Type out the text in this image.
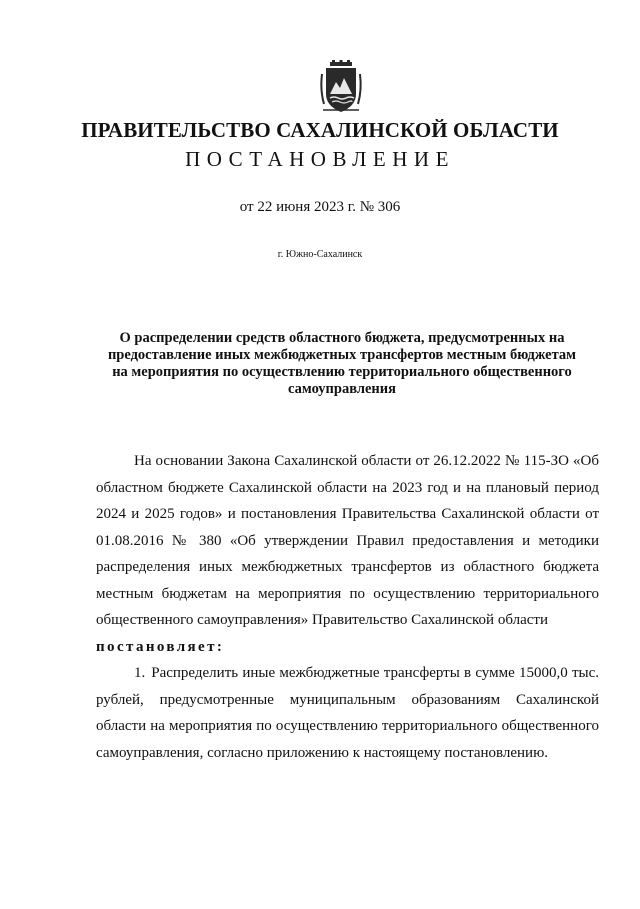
ПРАВИТЕЛЬСТВО САХАЛИНСКОЙ ОБЛАСТИ
ПОСТАНОВЛЕНИЕ
от 22 июня 2023 г. № 306
г. Южно-Сахалинск
О распределении средств областного бюджета, предусмотренных на
предоставление иных межбюджетных трансфертов местным бюджетам
на мероприятия по осуществлению территориального общественного
самоуправления

На основании Закона Сахалинской области от 26.12.2022 № 115-ЗО «Об областном бюджете Сахалинской области на 2023 год и на плановый период 2024 и 2025 годов» и постановления Правительства Сахалинской области от 01.08.2016 № 380 «Об утверждении Правил предоставления и методики распределения иных межбюджетных трансфертов из областного бюджета местным бюджетам на мероприятия по осуществлению территориального общественного самоуправления» Правительство Сахалинской области

постановляет:

1. Распределить иные межбюджетные трансферты в сумме 15000,0 тыс. рублей, предусмотренные муниципальным образованиям Сахалинской области на мероприятия по осуществлению территориального общественного самоуправления, согласно приложению к настоящему постановлению.
